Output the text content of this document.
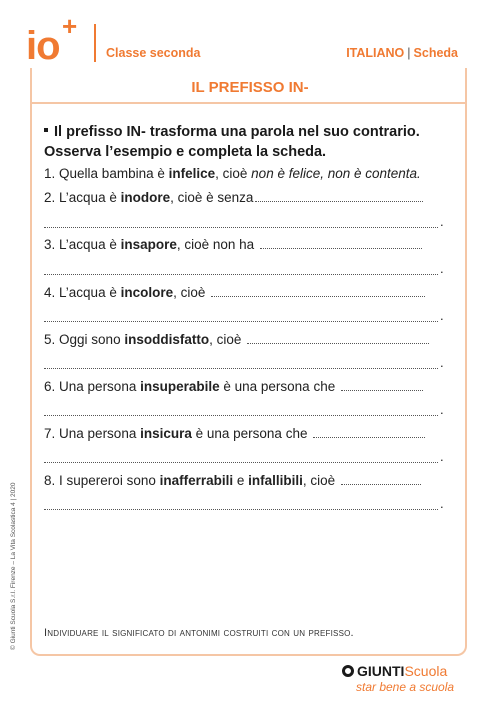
io +
Classe seconda	ITALIANO | Scheda
IL PREFISSO IN-
Il prefisso IN- trasforma una parola nel suo contrario.
Osserva l’esempio e completa la scheda.
1. Quella bambina è infelice, cioè non è felice, non è contenta.
2. L’acqua è inodore, cioè è senza
.
3. L’acqua è insapore, cioè non ha
.
4. L’acqua è incolore, cioè
.
5. Oggi sono insoddisfatto, cioè
.
6. Una persona insuperabile è una persona che
.
7. Una persona insicura è una persona che
.
8. I supereroi sono inafferrabili e infallibili, cioè
.
Individuare il significato di antonimi costruiti con un prefisso.
© Giunti Scuola S.r.l. Firenze – La Vita Scolastica 4 | 2020
GIUNTIScuola
star bene a scuola
